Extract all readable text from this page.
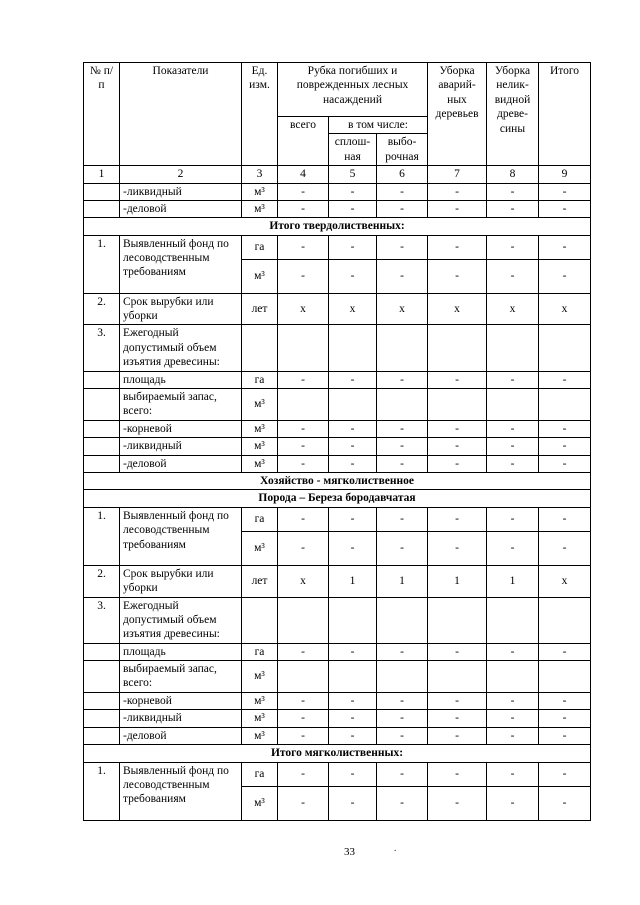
№ п/п	Показатели	Ед. изм.	Рубка погибших и поврежденных лесных насаждений			Уборка аварий-ных деревьев	Уборка нелик-видной древе-сины	Итого
			всего	в том числе:				
				сплош-ная	выбо-рочная			
1	2	3	4	5	6	7	8	9
	-ликвидный	м³	-	-	-	-	-	-
	-деловой	м³	-	-	-	-	-	-
Итого твердолиственных:								
1.	Выявленный фонд по лесоводственным требованиям	га	-	-	-	-	-	-
		м³	-	-	-	-	-	-
2.	Срок вырубки или уборки	лет	х	х	х	х	х	х
3.	Ежегодный допустимый объем изъятия древесины:							
	площадь	га	-	-	-	-	-	-
	выбираемый запас, всего:	м³						
	-корневой	м³	-	-	-	-	-	-
	-ликвидный	м³	-	-	-	-	-	-
	-деловой	м³	-	-	-	-	-	-
Хозяйство - мягколиственное								
Порода – Береза бородавчатая								
1.	Выявленный фонд по лесоводственным требованиям	га	-	-	-	-	-	-
		м³	-	-	-	-	-	-
2.	Срок вырубки или уборки	лет	х	1	1	1	1	х
3.	Ежегодный допустимый объем изъятия древесины:							
	площадь	га	-	-	-	-	-	-
	выбираемый запас, всего:	м³						
	-корневой	м³	-	-	-	-	-	-
	-ликвидный	м³	-	-	-	-	-	-
	-деловой	м³	-	-	-	-	-	-
Итого мягколиственных:								
1.	Выявленный фонд по лесоводственным требованиям	га	-	-	-	-	-	-
		м³	-	-	-	-	-	-
33	.
